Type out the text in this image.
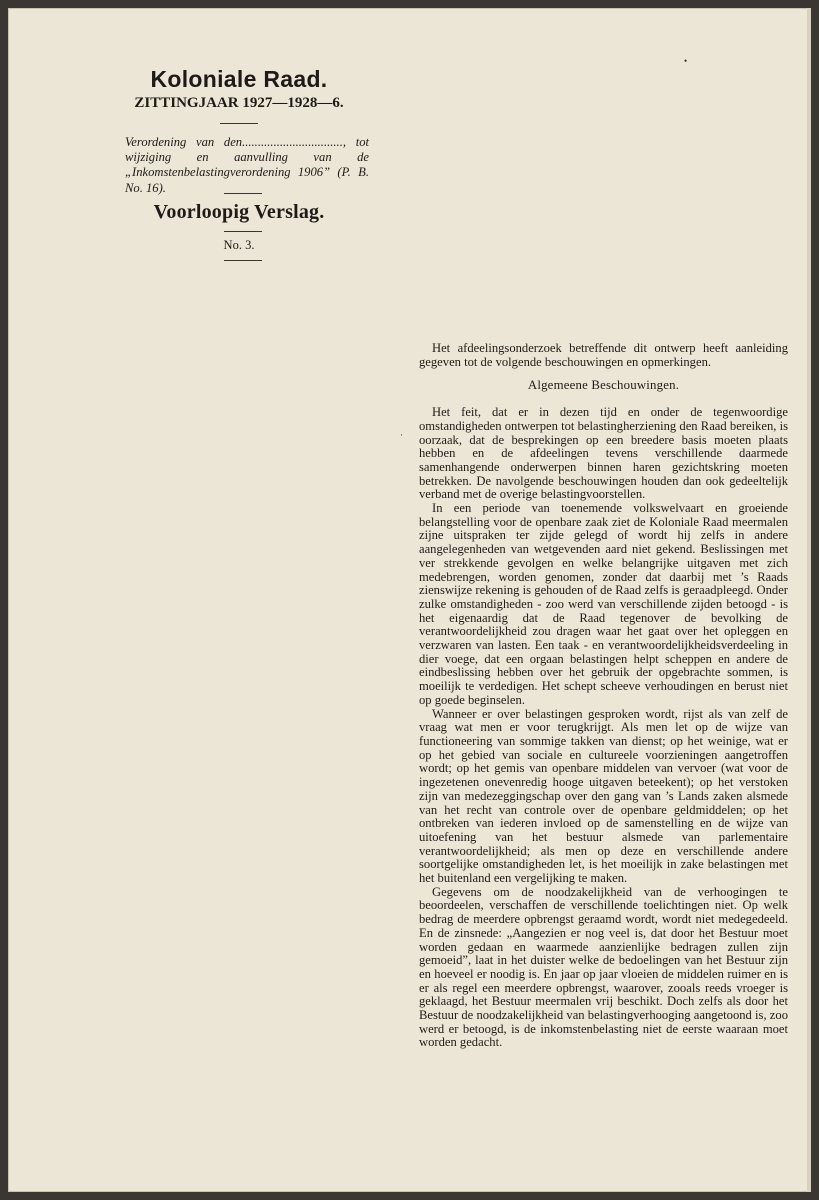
Koloniale Raad.
ZITTINGJAAR 1927—1928—6.
Verordening van den................................, tot wijziging en aanvulling van de „Inkomstenbelastingverordening 1906” (P. B. No. 16).
Voorloopig Verslag.
No. 3.
•
·

Het afdeelingsonderzoek betreffende dit ontwerp heeft aanleiding gegeven tot de volgende beschouwingen en opmerkingen.

Algemeene Beschouwingen.

Het feit, dat er in dezen tijd en onder de tegenwoordige omstandigheden ontwerpen tot belastingherziening den Raad bereiken, is oorzaak, dat de besprekingen op een breedere basis moeten plaats hebben en de afdeelingen tevens verschillende daarmede samenhangende onderwerpen binnen haren gezichtskring moeten betrekken. De navolgende beschouwingen houden dan ook gedeeltelijk verband met de overige belastingvoorstellen.

In een periode van toenemende volkswelvaart en groeiende belangstelling voor de openbare zaak ziet de Koloniale Raad meermalen zijne uitspraken ter zijde gelegd of wordt hij zelfs in andere aangelegenheden van wetgevenden aard niet gekend. Beslissingen met ver strekkende gevolgen en welke belangrijke uitgaven met zich medebrengen, worden genomen, zonder dat daarbij met ’s Raads zienswijze rekening is gehouden of de Raad zelfs is geraadpleegd. Onder zulke omstandigheden - zoo werd van verschillende zijden betoogd - is het eigenaardig dat de Raad tegenover de bevolking de verantwoordelijkheid zou dragen waar het gaat over het opleggen en verzwaren van lasten. Een taak - en verantwoordelijkheidsverdeeling in dier voege, dat een orgaan belastingen helpt scheppen en andere de eindbeslissing hebben over het gebruik der opgebrachte sommen, is moeilijk te verdedigen. Het schept scheeve verhoudingen en berust niet op goede beginselen.

Wanneer er over belastingen gesproken wordt, rijst als van zelf de vraag wat men er voor terugkrijgt. Als men let op de wijze van functioneering van sommige takken van dienst; op het weinige, wat er op het gebied van sociale en cultureele voorzieningen aangetroffen wordt; op het gemis van openbare middelen van vervoer (wat voor de ingezetenen onevenredig hooge uitgaven beteekent); op het verstoken zijn van medezeggingschap over den gang van ’s Lands zaken alsmede van het recht van controle over de openbare geldmiddelen; op het ontbreken van iederen invloed op de samenstelling en de wijze van uitoefening van het bestuur alsmede van parlementaire verantwoordelijkheid; als men op deze en verschillende andere soortgelijke omstandigheden let, is het moeilijk in zake belastingen met het buitenland een vergelijking te maken.

Gegevens om de noodzakelijkheid van de verhoogingen te beoordeelen, verschaffen de verschillende toelichtingen niet. Op welk bedrag de meerdere opbrengst geraamd wordt, wordt niet medegedeeld. En de zinsnede: „Aangezien er nog veel is, dat door het Bestuur moet worden gedaan en waarmede aanzienlijke bedragen zullen zijn gemoeid”, laat in het duister welke de bedoelingen van het Bestuur zijn en hoeveel er noodig is. En jaar op jaar vloeien de middelen ruimer en is er als regel een meerdere opbrengst, waarover, zooals reeds vroeger is geklaagd, het Bestuur meermalen vrij beschikt. Doch zelfs als door het Bestuur de noodzakelijkheid van belastingverhooging aangetoond is, zoo werd er betoogd, is de inkomstenbelasting niet de eerste waaraan moet worden gedacht.
